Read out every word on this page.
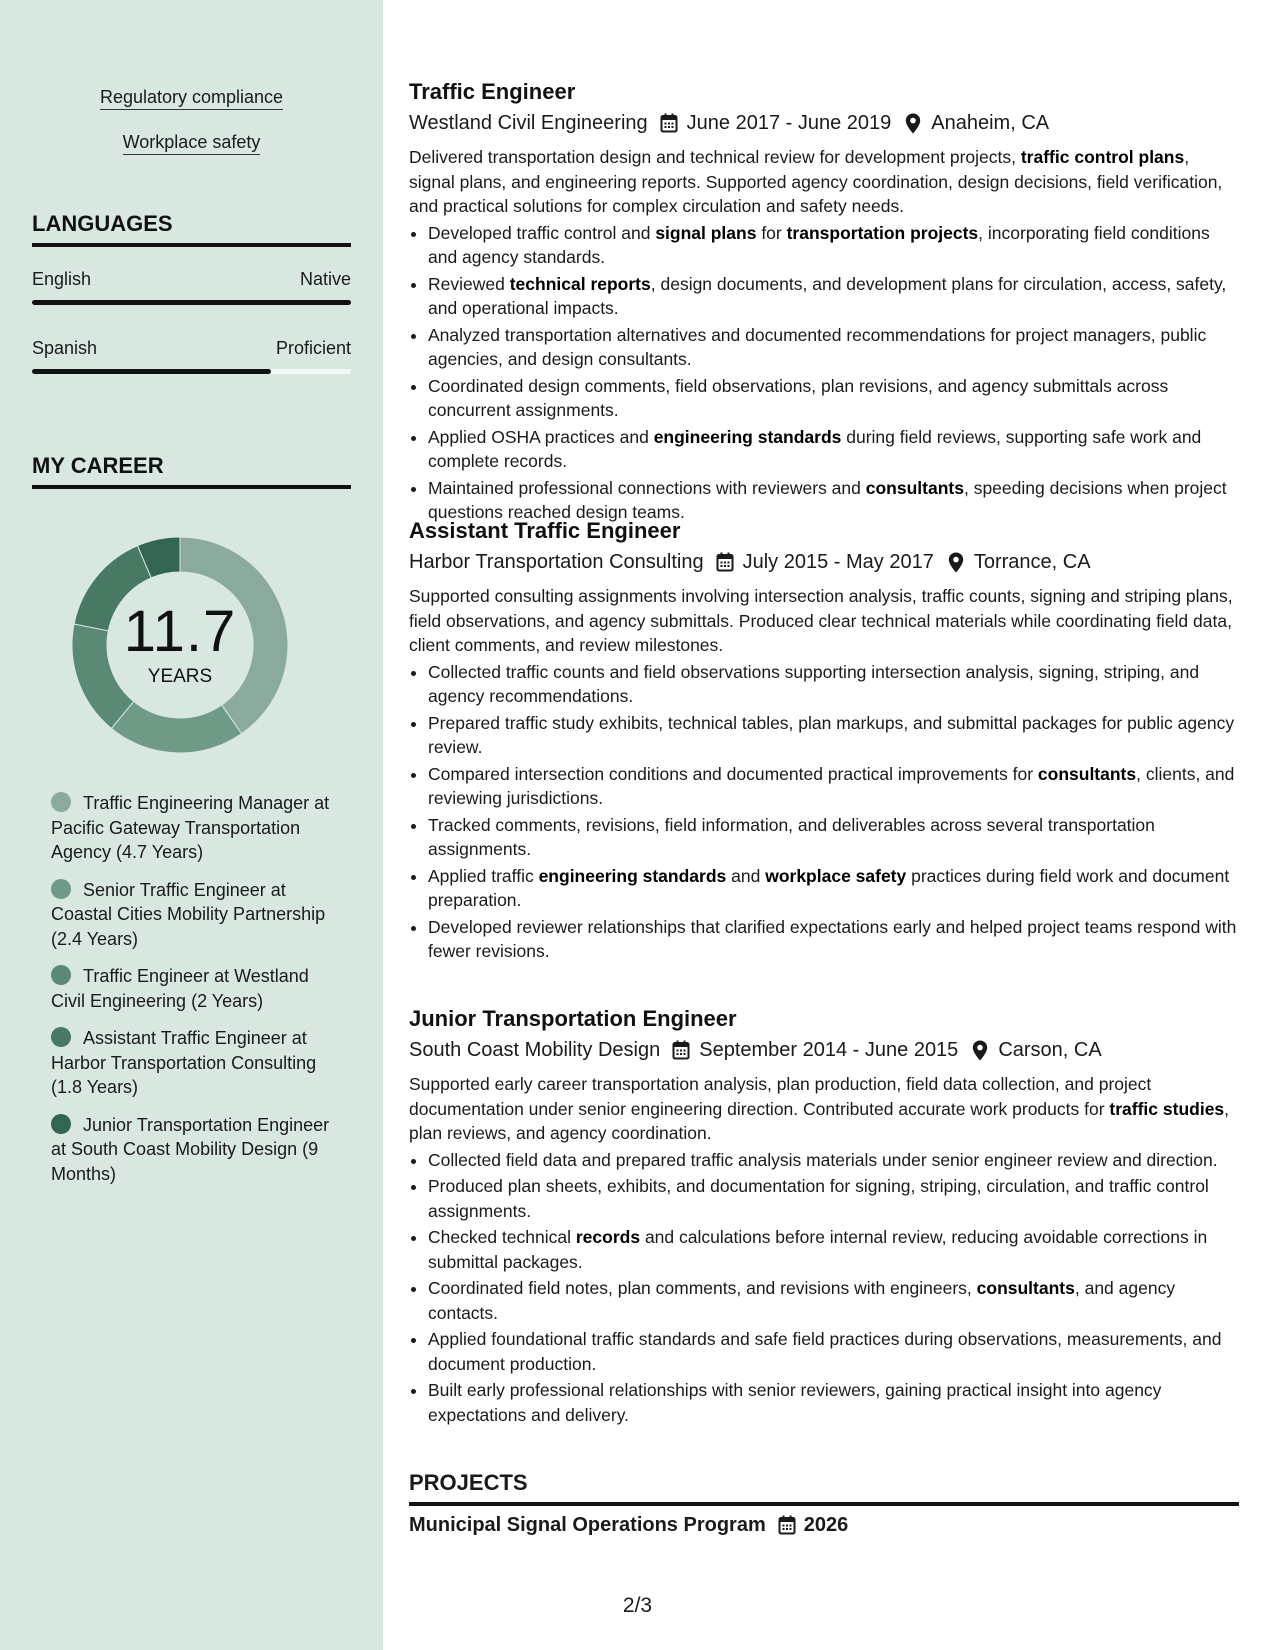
Regulatory compliance
Workplace safety
LANGUAGES
English	Native
Spanish	Proficient
MY CAREER
11.7
YEARS
Traffic Engineering Manager at Pacific Gateway Transportation Agency (4.7 Years)
Senior Traffic Engineer at Coastal Cities Mobility Partnership (2.4 Years)
Traffic Engineer at Westland Civil Engineering (2 Years)
Assistant Traffic Engineer at Harbor Transportation Consulting (1.8 Years)
Junior Transportation Engineer at South Coast Mobility Design (9 Months)
Traffic Engineer
Westland Civil Engineering June 2017 - June 2019 Anaheim, CA
Delivered transportation design and technical review for development projects, traffic control plans, signal plans, and engineering reports. Supported agency coordination, design decisions, field verification, and practical solutions for complex circulation and safety needs.
• Developed traffic control and signal plans for transportation projects, incorporating field conditions and agency standards.
• Reviewed technical reports, design documents, and development plans for circulation, access, safety, and operational impacts.
• Analyzed transportation alternatives and documented recommendations for project managers, public agencies, and design consultants.
• Coordinated design comments, field observations, plan revisions, and agency submittals across concurrent assignments.
• Applied OSHA practices and engineering standards during field reviews, supporting safe work and complete records.
• Maintained professional connections with reviewers and consultants, speeding decisions when project questions reached design teams.
Assistant Traffic Engineer
Harbor Transportation Consulting July 2015 - May 2017 Torrance, CA
Supported consulting assignments involving intersection analysis, traffic counts, signing and striping plans, field observations, and agency submittals. Produced clear technical materials while coordinating field data, client comments, and review milestones.
• Collected traffic counts and field observations supporting intersection analysis, signing, striping, and agency recommendations.
• Prepared traffic study exhibits, technical tables, plan markups, and submittal packages for public agency review.
• Compared intersection conditions and documented practical improvements for consultants, clients, and reviewing jurisdictions.
• Tracked comments, revisions, field information, and deliverables across several transportation assignments.
• Applied traffic engineering standards and workplace safety practices during field work and document preparation.
• Developed reviewer relationships that clarified expectations early and helped project teams respond with fewer revisions.
Junior Transportation Engineer
South Coast Mobility Design September 2014 - June 2015 Carson, CA
Supported early career transportation analysis, plan production, field data collection, and project documentation under senior engineering direction. Contributed accurate work products for traffic studies, plan reviews, and agency coordination.
• Collected field data and prepared traffic analysis materials under senior engineer review and direction.
• Produced plan sheets, exhibits, and documentation for signing, striping, circulation, and traffic control assignments.
• Checked technical records and calculations before internal review, reducing avoidable corrections in submittal packages.
• Coordinated field notes, plan comments, and revisions with engineers, consultants, and agency contacts.
• Applied foundational traffic standards and safe field practices during observations, measurements, and document production.
• Built early professional relationships with senior reviewers, gaining practical insight into agency expectations and delivery.
PROJECTS
Municipal Signal Operations Program 2026
2/3
